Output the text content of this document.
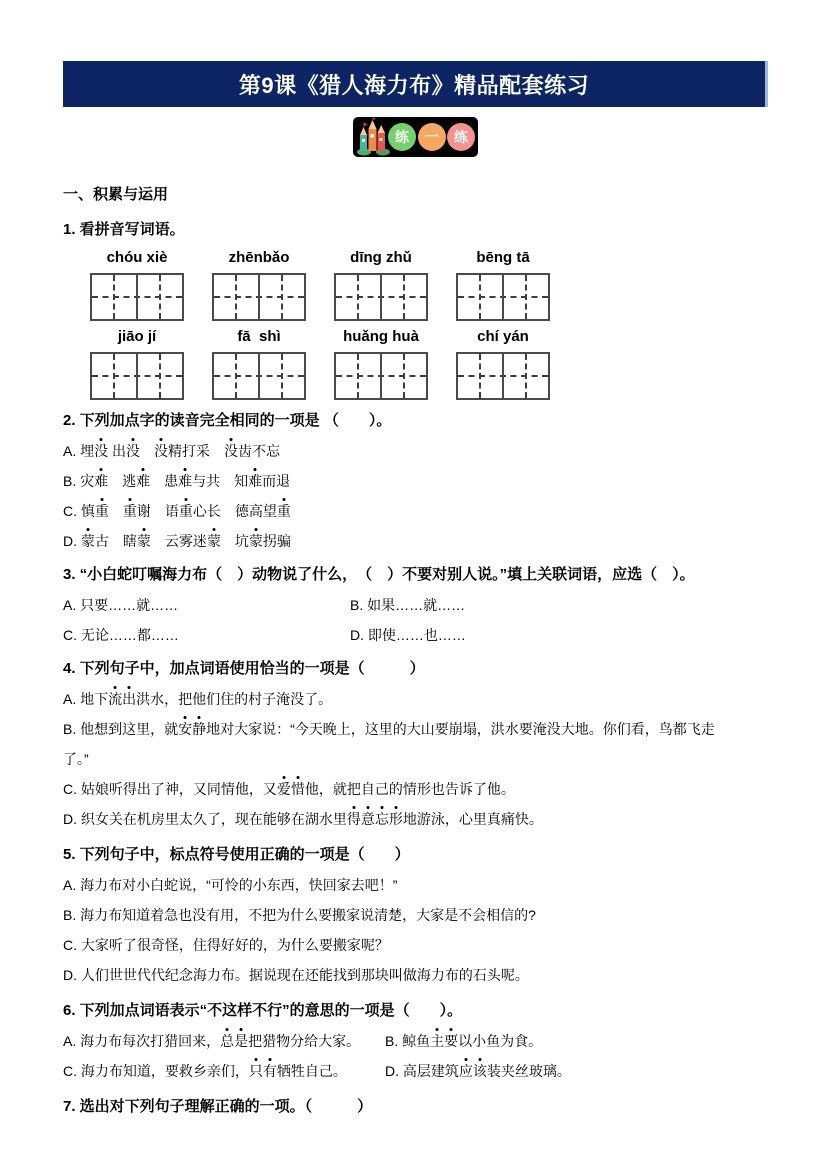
第9课《猎人海力布》精品配套练习
练 一 练
一、积累与运用
1. 看拼音写词语。
chóu xiè	zhēnbǎo	dīng zhǔ	bēng tā
jiāo jí	fā  shì	huǎng huà	chí yán
2. 下列加点字的读音完全相同的一项是 （　　）。
A. 埋没 出没　 没精打采　没齿不忘
B. 灾难　逃难　患难与共　知难而退
C. 慎重　 重谢　语重心长　德高望重
D. 蒙古　瞎蒙　云雾迷蒙　坑蒙拐骗
3. “小白蛇叮嘱海力布（　）动物说了什么，　（　）不要对别人说。”填上关联词语，应选（　）。
A. 只要……就……	B. 如果……就……
C. 无论……都……	D. 即使……也……
4. 下列句子中，加点词语使用恰当的一项是（　　　）
A. 地下流出洪水，把他们住的村子淹没了。
B. 他想到这里，就安静地对大家说：“今天晚上，这里的大山要崩塌，洪水要淹没大地。你们看，鸟都飞走
了。”
C. 姑娘听得出了神，又同情他，又爱惜他，就把自己的情形也告诉了他。
D. 织女关在机房里太久了，现在能够在湖水里得意忘形地游泳，心里真痛快。
5. 下列句子中，标点符号使用正确的一项是（　　）
A. 海力布对小白蛇说，“可怜的小东西，快回家去吧！”
B. 海力布知道着急也没有用，不把为什么要搬家说清楚，大家是不会相信的?
C. 大家听了很奇怪，住得好好的，为什么要搬家呢？
D. 人们世世代代纪念海力布。据说现在还能找到那块叫做海力布的石头呢。
6. 下列加点词语表示“不这样不行”的意思的一项是（　　）。
A. 海力布每次打猎回来，总是把猎物分给大家。	B. 鲸鱼主要以小鱼为食。
C. 海力布知道，要救乡亲们，只有牺牲自己。	D. 高层建筑应该装夹丝玻璃。
7. 选出对下列句子理解正确的一项。（　　　）
